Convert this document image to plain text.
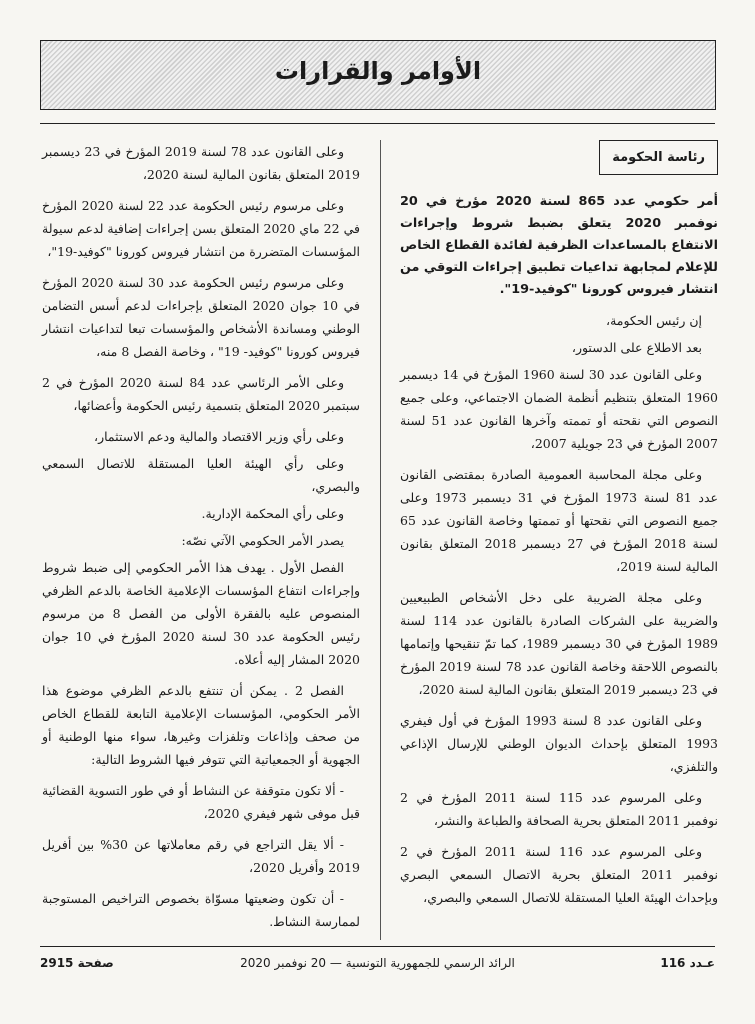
الأوامر والقرارات
رئاسة الحكومة
أمر حكومي عدد 865 لسنة 2020 مؤرخ في 20 نوفمبر 2020 يتعلق بضبط شروط وإجراءات الانتفاع بالمساعدات الظرفية لفائدة القطاع الخاص للإعلام لمجابهة تداعيات تطبيق إجراءات التوقي من انتشار فيروس كورونا "كوفيد-19".

إن رئيس الحكومة،

بعد الاطلاع على الدستور،

وعلى القانون عدد 30 لسنة 1960 المؤرخ في 14 ديسمبر 1960 المتعلق بتنظيم أنظمة الضمان الاجتماعي، وعلى جميع النصوص التي نقحته أو تممته وآخرها القانون عدد 51 لسنة 2007 المؤرخ في 23 جويلية 2007،

وعلى مجلة المحاسبة العمومية الصادرة بمقتضى القانون عدد 81 لسنة 1973 المؤرخ في 31 ديسمبر 1973 وعلى جميع النصوص التي نقحتها أو تممتها وخاصة القانون عدد 65 لسنة 2018 المؤرخ في 27 ديسمبر 2018 المتعلق بقانون المالية لسنة 2019،

وعلى مجلة الضريبة على دخل الأشخاص الطبيعيين والضريبة على الشركات الصادرة بالقانون عدد 114 لسنة 1989 المؤرخ في 30 ديسمبر 1989، كما تمّ تنقيحها وإتمامها بالنصوص اللاحقة وخاصة القانون عدد 78 لسنة 2019 المؤرخ في 23 ديسمبر 2019 المتعلق بقانون المالية لسنة 2020،

وعلى القانون عدد 8 لسنة 1993 المؤرخ في أول فيفري 1993 المتعلق بإحداث الديوان الوطني للإرسال الإذاعي والتلفزي،

وعلى المرسوم عدد 115 لسنة 2011 المؤرخ في 2 نوفمبر 2011 المتعلق بحرية الصحافة والطباعة والنشر،

وعلى المرسوم عدد 116 لسنة 2011 المؤرخ في 2 نوفمبر 2011 المتعلق بحرية الاتصال السمعي البصري وبإحداث الهيئة العليا المستقلة للاتصال السمعي والبصري،

وعلى القانون عدد 78 لسنة 2019 المؤرخ في 23 ديسمبر 2019 المتعلق بقانون المالية لسنة 2020،

وعلى مرسوم رئيس الحكومة عدد 22 لسنة 2020 المؤرخ في 22 ماي 2020 المتعلق بسن إجراءات إضافية لدعم سيولة المؤسسات المتضررة من انتشار فيروس كورونا "كوفيد-19"،

وعلى مرسوم رئيس الحكومة عدد 30 لسنة 2020 المؤرخ في 10 جوان 2020 المتعلق بإجراءات لدعم أسس التضامن الوطني ومساندة الأشخاص والمؤسسات تبعا لتداعيات انتشار فيروس كورونا "كوفيد- 19" ، وخاصة الفصل 8 منه،

وعلى الأمر الرئاسي عدد 84 لسنة 2020 المؤرخ في 2 سبتمبر 2020 المتعلق بتسمية رئيس الحكومة وأعضائها،

وعلى رأي وزير الاقتصاد والمالية ودعم الاستثمار،

وعلى رأي الهيئة العليا المستقلة للاتصال السمعي والبصري،

وعلى رأي المحكمة الإدارية.

يصدر الأمر الحكومي الآتي نصّه:

الفصل الأول . يهدف هذا الأمر الحكومي إلى ضبط شروط وإجراءات انتفاع المؤسسات الإعلامية الخاصة بالدعم الظرفي المنصوص عليه بالفقرة الأولى من الفصل 8 من مرسوم رئيس الحكومة عدد 30 لسنة 2020 المؤرخ في 10 جوان 2020 المشار إليه أعلاه.

الفصل 2 . يمكن أن تنتفع بالدعم الظرفي موضوع هذا الأمر الحكومي، المؤسسات الإعلامية التابعة للقطاع الخاص من صحف وإذاعات وتلفزات وغيرها، سواء منها الوطنية أو الجهوية أو الجمعياتية التي تتوفر فيها الشروط التالية:

- ألا تكون متوقفة عن النشاط أو في طور التسوية القضائية قبل موفى شهر فيفري 2020،

- ألا يقل التراجع في رقم معاملاتها عن 30% بين أفريل 2019 وأفريل 2020،

- أن تكون وضعيتها مسوّاة بخصوص التراخيص المستوجبة لممارسة النشاط.

عـدد 116
الرائد الرسمي للجمهورية التونسية — 20 نوفمبر 2020
صفحة 2915
